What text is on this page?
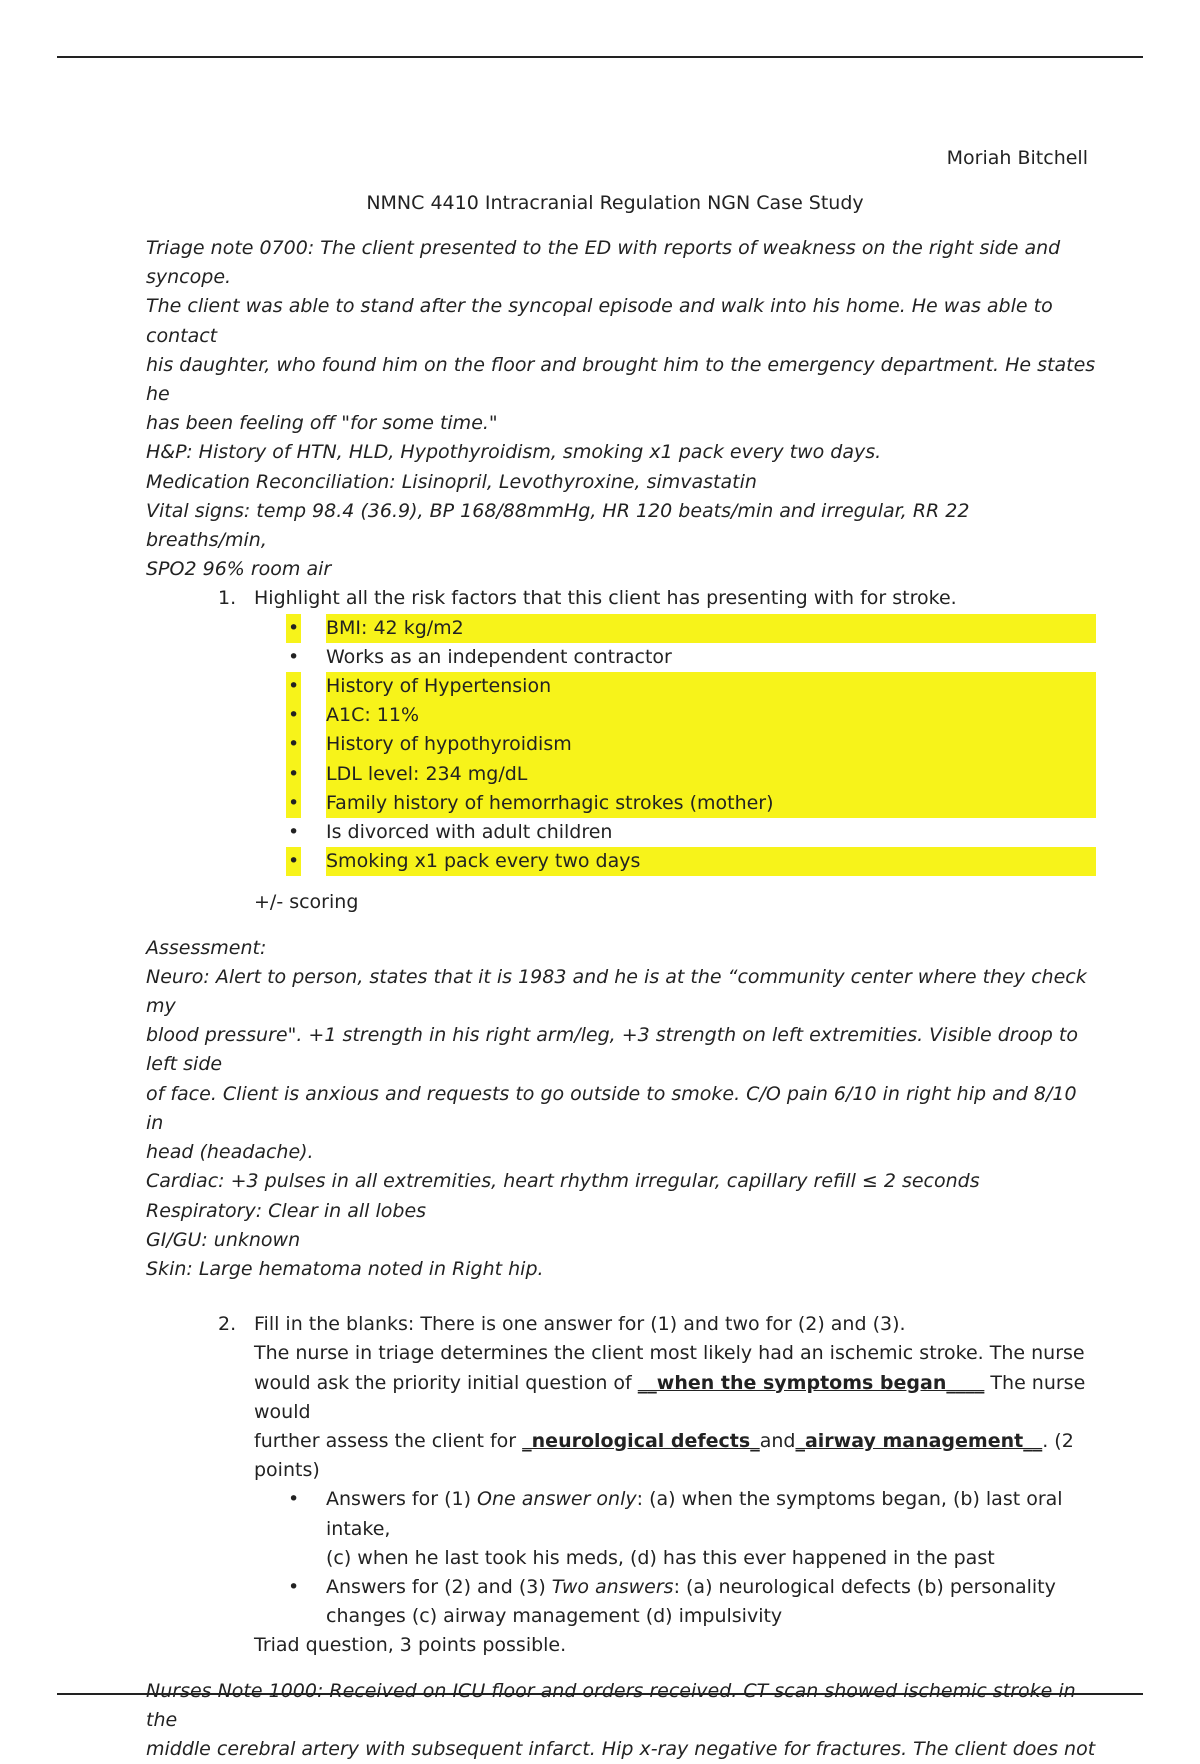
Moriah Bitchell
NMNC 4410 Intracranial Regulation NGN Case Study

Triage note 0700: The client presented to the ED with reports of weakness on the right side and syncope.

The client was able to stand after the syncopal episode and walk into his home. He was able to contact

his daughter, who found him on the floor and brought him to the emergency department. He states he

has been feeling off "for some time."

H&P: History of HTN, HLD, Hypothyroidism, smoking x1 pack every two days.

Medication Reconciliation: Lisinopril, Levothyroxine, simvastatin

Vital signs: temp 98.4 (36.9), BP 168/88mmHg, HR 120 beats/min and irregular, RR 22 breaths/min,

SPO2 96% room air

1. Highlight all the risk factors that this client has presenting with for stroke.
• BMI: 42 kg/m2
• Works as an independent contractor
• History of Hypertension
• A1C: 11%
• History of hypothyroidism
• LDL level: 234 mg/dL
• Family history of hemorrhagic strokes (mother)
• Is divorced with adult children
• Smoking x1 pack every two days
+/- scoring

Assessment:

Neuro: Alert to person, states that it is 1983 and he is at the “community center where they check my

blood pressure". +1 strength in his right arm/leg, +3 strength on left extremities. Visible droop to left side

of face. Client is anxious and requests to go outside to smoke. C/O pain 6/10 in right hip and 8/10 in

head (headache).

Cardiac: +3 pulses in all extremities, heart rhythm irregular, capillary refill ≤ 2 seconds

Respiratory: Clear in all lobes

GI/GU: unknown

Skin: Large hematoma noted in Right hip.

2. Fill in the blanks: There is one answer for (1) and two for (2) and (3).

The nurse in triage determines the client most likely had an ischemic stroke. The nurse

would ask the priority initial question of __when the symptoms began____ The nurse would

further assess the client for _neurological defects_and_airway management__. (2 points)

• Answers for (1) One answer only: (a) when the symptoms began, (b) last oral intake,
(c) when he last took his meds, (d) has this ever happened in the past
• Answers for (2) and (3) Two answers: (a) neurological defects (b) personality
changes (c) airway management (d) impulsivity
Triad question, 3 points possible.

Nurses Note 1000: Received on ICU floor and orders received. CT scan showed ischemic stroke in the

middle cerebral artery with subsequent infarct. Hip x-ray negative for fractures. The client does not
